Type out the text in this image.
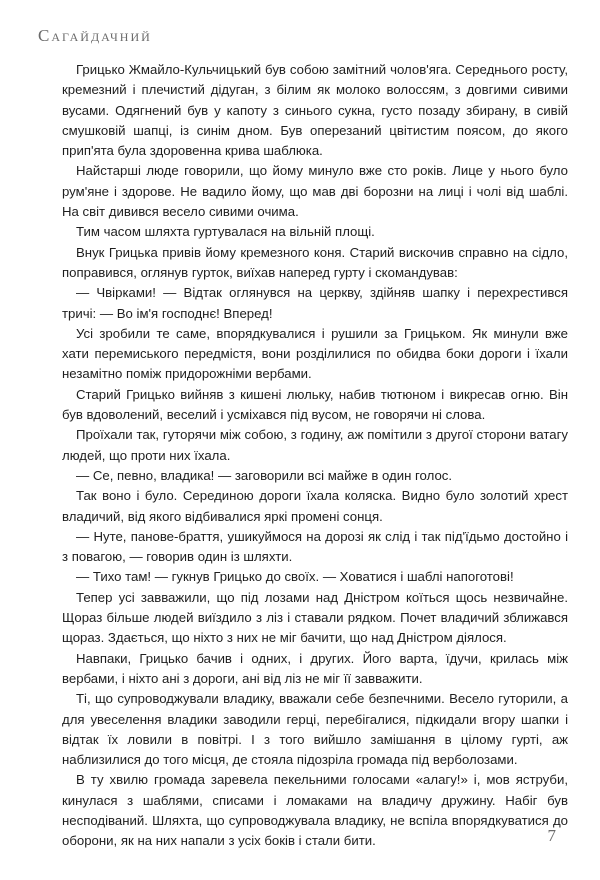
Сагайдачний

Грицько Жмайло-Кульчицький був собою замітний чолов'яга. Середнього росту, кремезний і плечистий дідуган, з білим як молоко волоссям, з довгими сивими вусами. Одягнений був у капоту з синього сукна, густо позаду збирану, в сивій смушковій шапці, із синім дном. Був оперезаний цвітистим поясом, до якого прип'ята була здоровенна крива шаблюка.

Найстарші люде говорили, що йому минуло вже сто років. Лице у нього було рум'яне і здорове. Не вадило йому, що мав дві борозни на лиці і чолі від шаблі. На світ дивився весело сивими очима.

Тим часом шляхта гуртувалася на вільній площі.

Внук Грицька привів йому кремезного коня. Старий вискочив справно на сідло, поправився, оглянув гурток, виїхав наперед гурту і скомандував:

— Чвірками! — Відтак оглянувся на церкву, здійняв шапку і перехрестився тричі: — Во ім'я господнє! Вперед!

Усі зробили те саме, впорядкувалися і рушили за Грицьком. Як минули вже хати перемиського передмістя, вони розділилися по обидва боки дороги і їхали незамітно поміж придорожніми вербами.

Старий Грицько вийняв з кишені люльку, набив тютюном і викресав огню. Він був вдоволений, веселий і усміхався під вусом, не говорячи ні слова.

Проїхали так, гуторячи між собою, з годину, аж помітили з другої сторони ватагу людей, що проти них їхала.

— Се, певно, владика! — заговорили всі майже в один голос.

Так воно і було. Серединою дороги їхала коляска. Видно було золотий хрест владичий, від якого відбивалися яркі промені сонця.

— Нуте, панове-браття, ушикуймося на дорозі як слід і так під'їдьмо достойно і з повагою, — говорив один із шляхти.

— Тихо там! — гукнув Грицько до своїх. — Ховатися і шаблі напоготові!

Тепер усі завважили, що під лозами над Дністром коїться щось незвичайне. Щораз більше людей виїздило з ліз і ставали рядком. Почет владичий зближався щораз. Здається, що ніхто з них не міг бачити, що над Дністром діялося.

Навпаки, Грицько бачив і одних, і других. Його варта, їдучи, крилась між вербами, і ніхто ані з дороги, ані від ліз не міг її завважити.

Ті, що супроводжували владику, вважали себе безпечними. Весело гуторили, а для увеселення владики заводили герці, перебігалися, підкидали вгору шапки і відтак їх ловили в повітрі. І з того вийшло замішання в цілому гурті, аж наблизилися до того місця, де стояла підозріла громада під верболозами.

В ту хвилю громада заревела пекельними голосами «алагу!» і, мов яструби, кинулася з шаблями, списами і ломаками на владичу дружину. Набіг був несподіваний. Шляхта, що супроводжувала владику, не вспіла впорядкуватися до оборони, як на них напали з усіх боків і стали бити.	7
